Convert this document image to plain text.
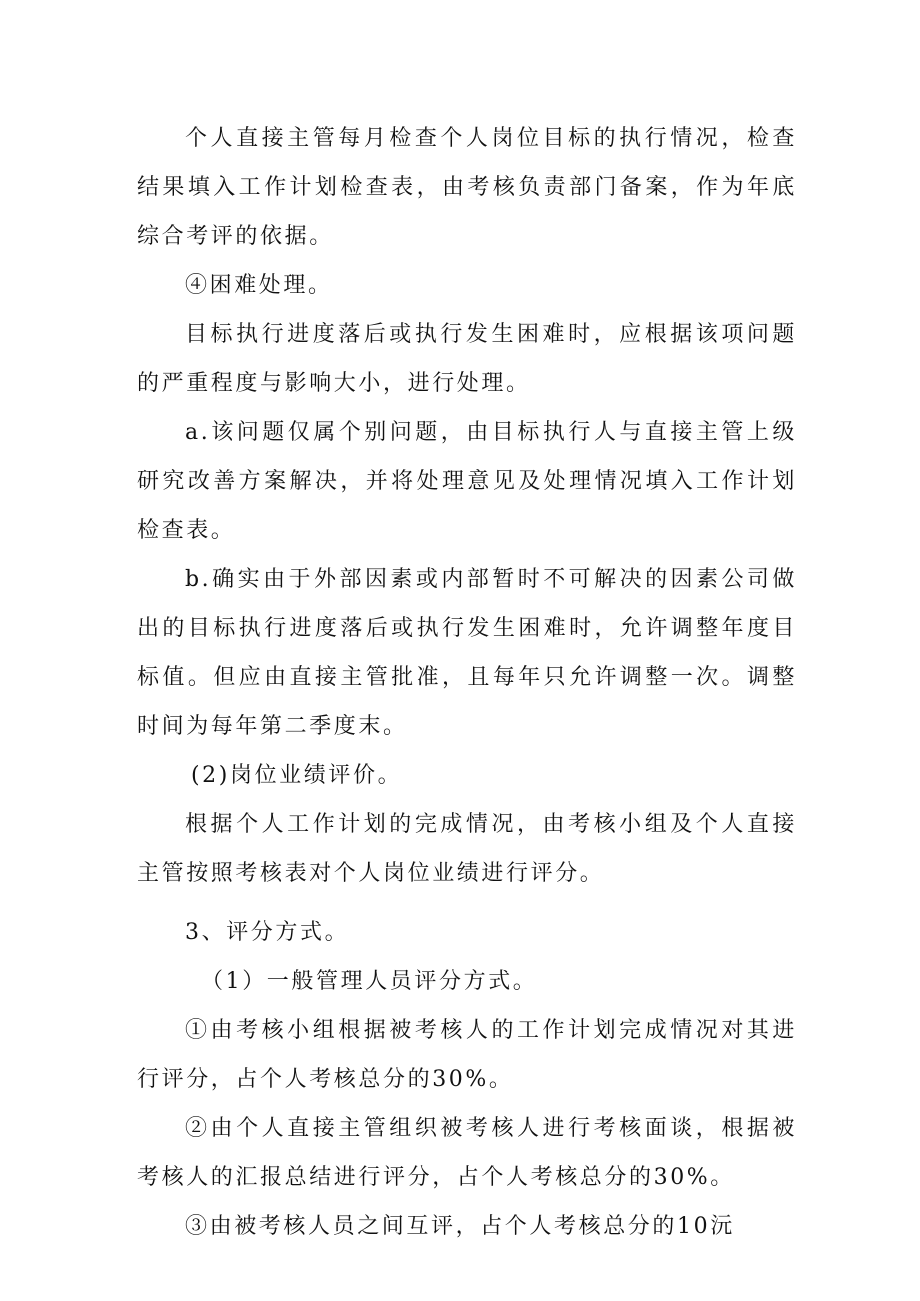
个人直接主管每月检查个人岗位目标的执行情况，检查结果填入工作计划检查表，由考核负责部门备案，作为年底综合考评的依据。

④困难处理。

目标执行进度落后或执行发生困难时，应根据该项问题的严重程度与影响大小，进行处理。

a.该问题仅属个别问题，由目标执行人与直接主管上级研究改善方案解决，并将处理意见及处理情况填入工作计划检查表。

b.确实由于外部因素或内部暂时不可解决的因素公司做出的目标执行进度落后或执行发生困难时，允许调整年度目标值。但应由直接主管批准，且每年只允许调整一次。调整时间为每年第二季度末。

(2)岗位业绩评价。

根据个人工作计划的完成情况，由考核小组及个人直接主管按照考核表对个人岗位业绩进行评分。

3、评分方式。

（1）一般管理人员评分方式。

①由考核小组根据被考核人的工作计划完成情况对其进行评分，占个人考核总分的30%。

②由个人直接主管组织被考核人进行考核面谈，根据被考核人的汇报总结进行评分，占个人考核总分的30%。

③由被考核人员之间互评，占个人考核总分的10沅
